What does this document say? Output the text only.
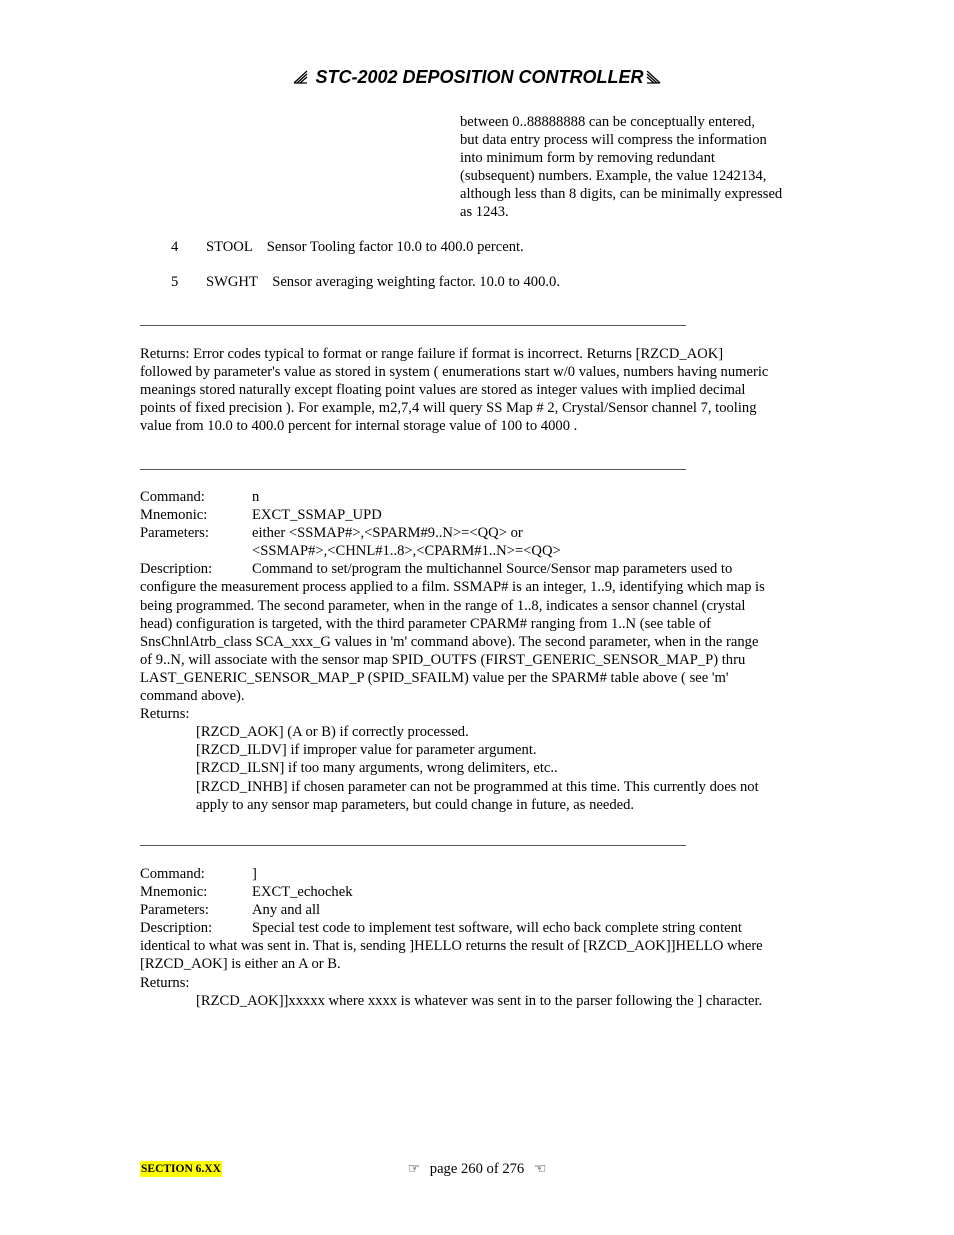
STC-2002 DEPOSITION CONTROLLER
between 0..88888888 can be conceptually entered,
but data entry process will compress the information
into minimum form by removing redundant
(subsequent) numbers. Example, the value 1242134,
although less than 8 digits, can be minimally expressed
as 1243.
4 STOOL    Sensor Tooling factor 10.0 to 400.0 percent.
5 SWGHT    Sensor averaging weighting factor. 10.0 to 400.0.
Returns: Error codes typical to format or range failure if format is incorrect. Returns [RZCD_AOK]
followed by parameter's value as stored in system ( enumerations start w/0 values, numbers having numeric
meanings stored naturally except floating point values are stored as integer values with implied decimal
points of fixed precision ). For example, m2,7,4 will query SS Map # 2, Crystal/Sensor channel 7, tooling
value from 10.0 to 400.0 percent for internal storage value of 100 to 4000 .
Command:	n
Mnemonic:	EXCT_SSMAP_UPD
Parameters:	either <SSMAP#>,<SPARM#9..N>=<QQ> or
<SSMAP#>,<CHNL#1..8>,<CPARM#1..N>=<QQ>
Description:	Command to set/program the multichannel Source/Sensor map parameters used to
configure the measurement process applied to a film. SSMAP# is an integer, 1..9, identifying which map is
being programmed. The second parameter, when in the range of 1..8, indicates a sensor channel (crystal
head) configuration is targeted, with the third parameter CPARM# ranging from 1..N (see table of
SnsChnlAtrb_class SCA_xxx_G values in 'm' command above). The second parameter, when in the range
of 9..N, will associate with the sensor map SPID_OUTFS (FIRST_GENERIC_SENSOR_MAP_P) thru
LAST_GENERIC_SENSOR_MAP_P (SPID_SFAILM) value per the SPARM# table above ( see 'm'
command above).
Returns:
[RZCD_AOK] (A or B) if correctly processed.
[RZCD_ILDV] if improper value for parameter argument.
[RZCD_ILSN] if too many arguments, wrong delimiters, etc..
[RZCD_INHB] if chosen parameter can not be programmed at this time. This currently does not
apply to any sensor map parameters, but could change in future, as needed.
Command:	]
Mnemonic:	EXCT_echochek
Parameters:	Any and all
Description:	Special test code to implement test software, will echo back complete string content
identical to what was sent in. That is, sending ]HELLO returns the result of [RZCD_AOK]]HELLO where
[RZCD_AOK] is either an A or B.
Returns:
[RZCD_AOK]]xxxxx where xxxx is whatever was sent in to the parser following the ] character.
SECTION 6.XX	☞ page 260 of 276 ☜
